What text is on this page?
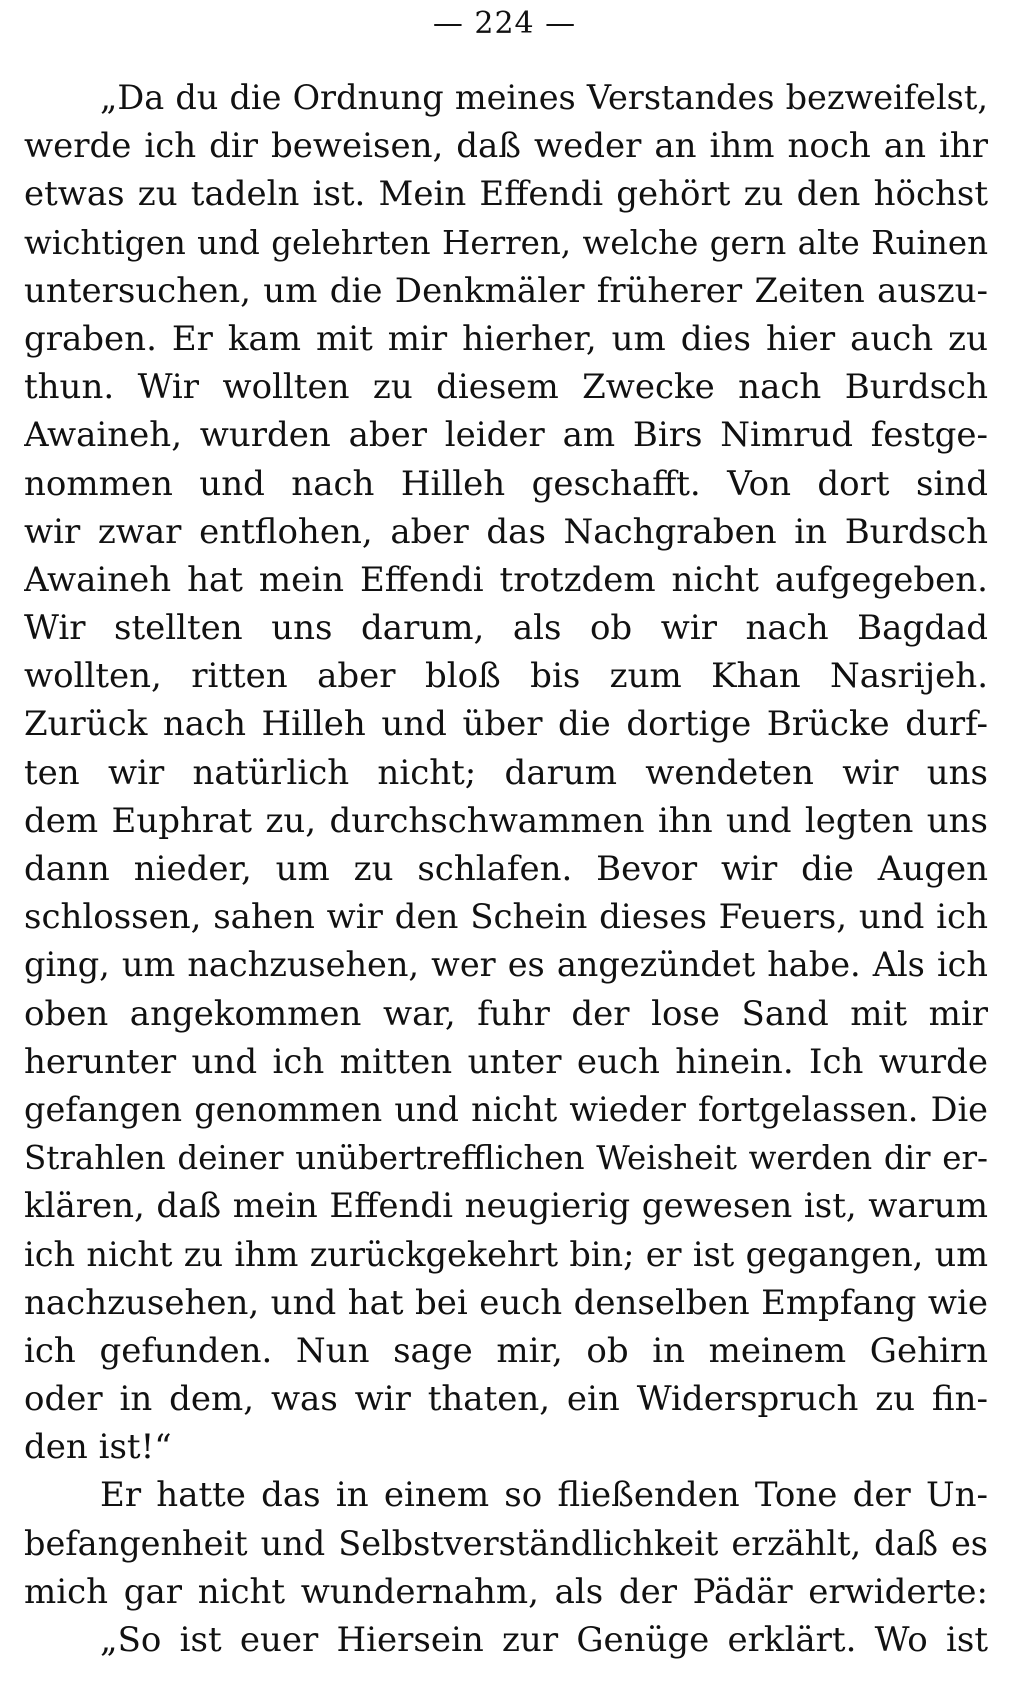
— 224 —
„Da du die Ordnung meines Verstandes bezweifelst,
werde ich dir beweisen, daß weder an ihm noch an ihr
etwas zu tadeln ist. Mein Effendi gehört zu den höchst
wichtigen und gelehrten Herren, welche gern alte Ruinen
untersuchen, um die Denkmäler früherer Zeiten auszu-
graben. Er kam mit mir hierher, um dies hier auch zu
thun. Wir wollten zu diesem Zwecke nach Burdsch
Awaineh, wurden aber leider am Birs Nimrud festge-
nommen und nach Hilleh geschafft. Von dort sind
wir zwar entflohen, aber das Nachgraben in Burdsch
Awaineh hat mein Effendi trotzdem nicht aufgegeben.
Wir stellten uns darum, als ob wir nach Bagdad
wollten, ritten aber bloß bis zum Khan Nasrijeh.
Zurück nach Hilleh und über die dortige Brücke durf-
ten wir natürlich nicht; darum wendeten wir uns
dem Euphrat zu, durchschwammen ihn und legten uns
dann nieder, um zu schlafen. Bevor wir die Augen
schlossen, sahen wir den Schein dieses Feuers, und ich
ging, um nachzusehen, wer es angezündet habe. Als ich
oben angekommen war, fuhr der lose Sand mit mir
herunter und ich mitten unter euch hinein. Ich wurde
gefangen genommen und nicht wieder fortgelassen. Die
Strahlen deiner unübertrefflichen Weisheit werden dir er-
klären, daß mein Effendi neugierig gewesen ist, warum
ich nicht zu ihm zurückgekehrt bin; er ist gegangen, um
nachzusehen, und hat bei euch denselben Empfang wie
ich gefunden. Nun sage mir, ob in meinem Gehirn
oder in dem, was wir thaten, ein Widerspruch zu fin-
den ist!“
Er hatte das in einem so fließenden Tone der Un-
befangenheit und Selbstverständlichkeit erzählt, daß es
mich gar nicht wundernahm, als der Pädär erwiderte:
„So ist euer Hiersein zur Genüge erklärt. Wo ist
